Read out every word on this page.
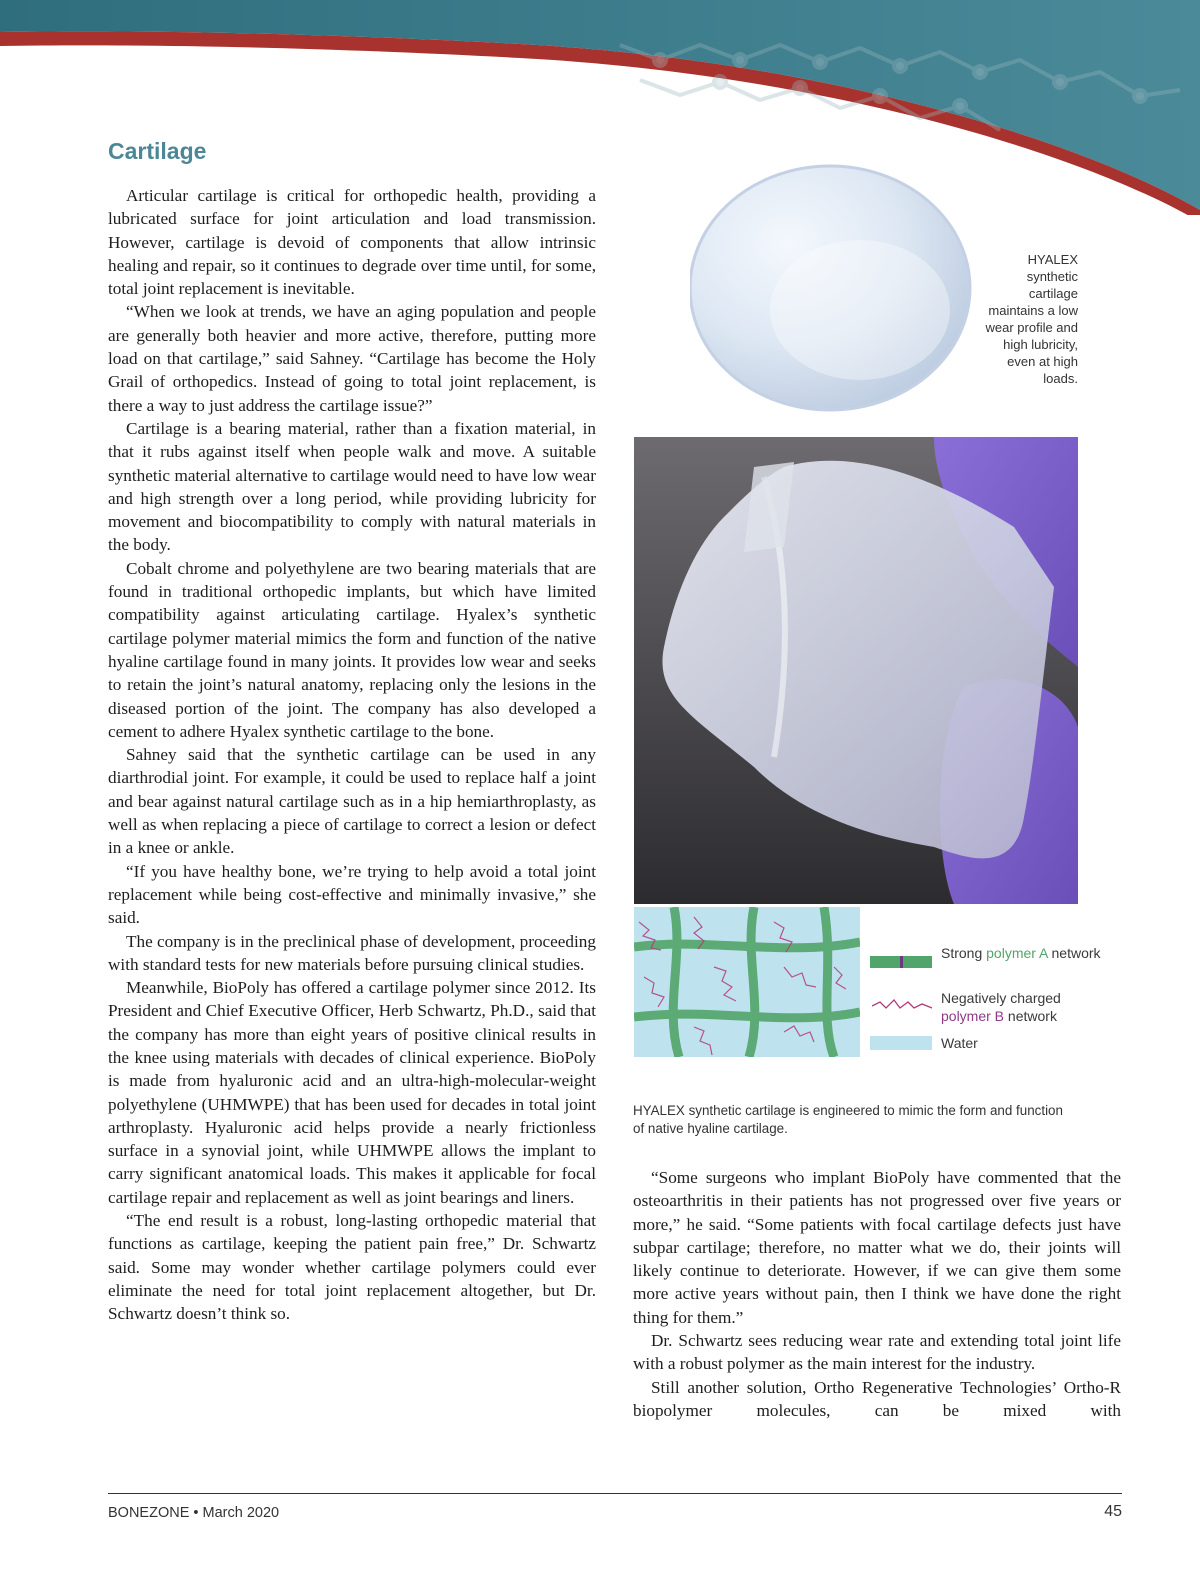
Cartilage

Articular cartilage is critical for orthopedic health, providing a lubricated surface for joint articulation and load transmission. However, cartilage is devoid of components that allow intrinsic healing and repair, so it continues to degrade over time until, for some, total joint replacement is inevitable.

“When we look at trends, we have an aging population and people are generally both heavier and more active, therefore, putting more load on that cartilage,” said Sahney. “Cartilage has become the Holy Grail of orthopedics. Instead of going to total joint replacement, is there a way to just address the cartilage issue?”

Cartilage is a bearing material, rather than a fixation material, in that it rubs against itself when people walk and move. A suitable synthetic material alternative to cartilage would need to have low wear and high strength over a long period, while providing lubricity for movement and biocompatibility to comply with natural materials in the body.

Cobalt chrome and polyethylene are two bearing materials that are found in traditional orthopedic implants, but which have limited compatibility against articulating cartilage. Hyalex’s synthetic cartilage polymer material mimics the form and function of the native hyaline cartilage found in many joints. It provides low wear and seeks to retain the joint’s natural anatomy, replacing only the lesions in the diseased portion of the joint. The company has also developed a cement to adhere Hyalex synthetic cartilage to the bone.

Sahney said that the synthetic cartilage can be used in any diarthrodial joint. For example, it could be used to replace half a joint and bear against natural cartilage such as in a hip hemiarthroplasty, as well as when replacing a piece of cartilage to correct a lesion or defect in a knee or ankle.

“If you have healthy bone, we’re trying to help avoid a total joint replacement while being cost-effective and minimally invasive,” she said.

The company is in the preclinical phase of development, proceeding with standard tests for new materials before pursuing clinical studies.

Meanwhile, BioPoly has offered a cartilage polymer since 2012. Its President and Chief Executive Officer, Herb Schwartz, Ph.D., said that the company has more than eight years of positive clinical results in the knee using materials with decades of clinical experience. BioPoly is made from hyaluronic acid and an ultra-high-molecular-weight polyethylene (UHMWPE) that has been used for decades in total joint arthroplasty. Hyaluronic acid helps provide a nearly frictionless surface in a synovial joint, while UHMWPE allows the implant to carry significant anatomical loads. This makes it applicable for focal cartilage repair and replacement as well as joint bearings and liners.

“The end result is a robust, long-lasting orthopedic material that functions as cartilage, keeping the patient pain free,” Dr. Schwartz said. Some may wonder whether cartilage polymers could ever eliminate the need for total joint replacement altogether, but Dr. Schwartz doesn’t think so.

HYALEX synthetic cartilage maintains a low wear profile and high lubricity, even at high loads.
Strong polymer A network
Negatively charged polymer B network
Water
HYALEX synthetic cartilage is engineered to mimic the form and function of native hyaline cartilage.

“Some surgeons who implant BioPoly have commented that the osteoarthritis in their patients has not progressed over five years or more,” he said. “Some patients with focal cartilage defects just have subpar cartilage; therefore, no matter what we do, their joints will likely continue to deteriorate. However, if we can give them some more active years without pain, then I think we have done the right thing for them.”

Dr. Schwartz sees reducing wear rate and extending total joint life with a robust polymer as the main interest for the industry.

Still another solution, Ortho Regenerative Technologies’ Ortho-R biopolymer molecules, can be mixed with

BONEZONE • March 2020	45
